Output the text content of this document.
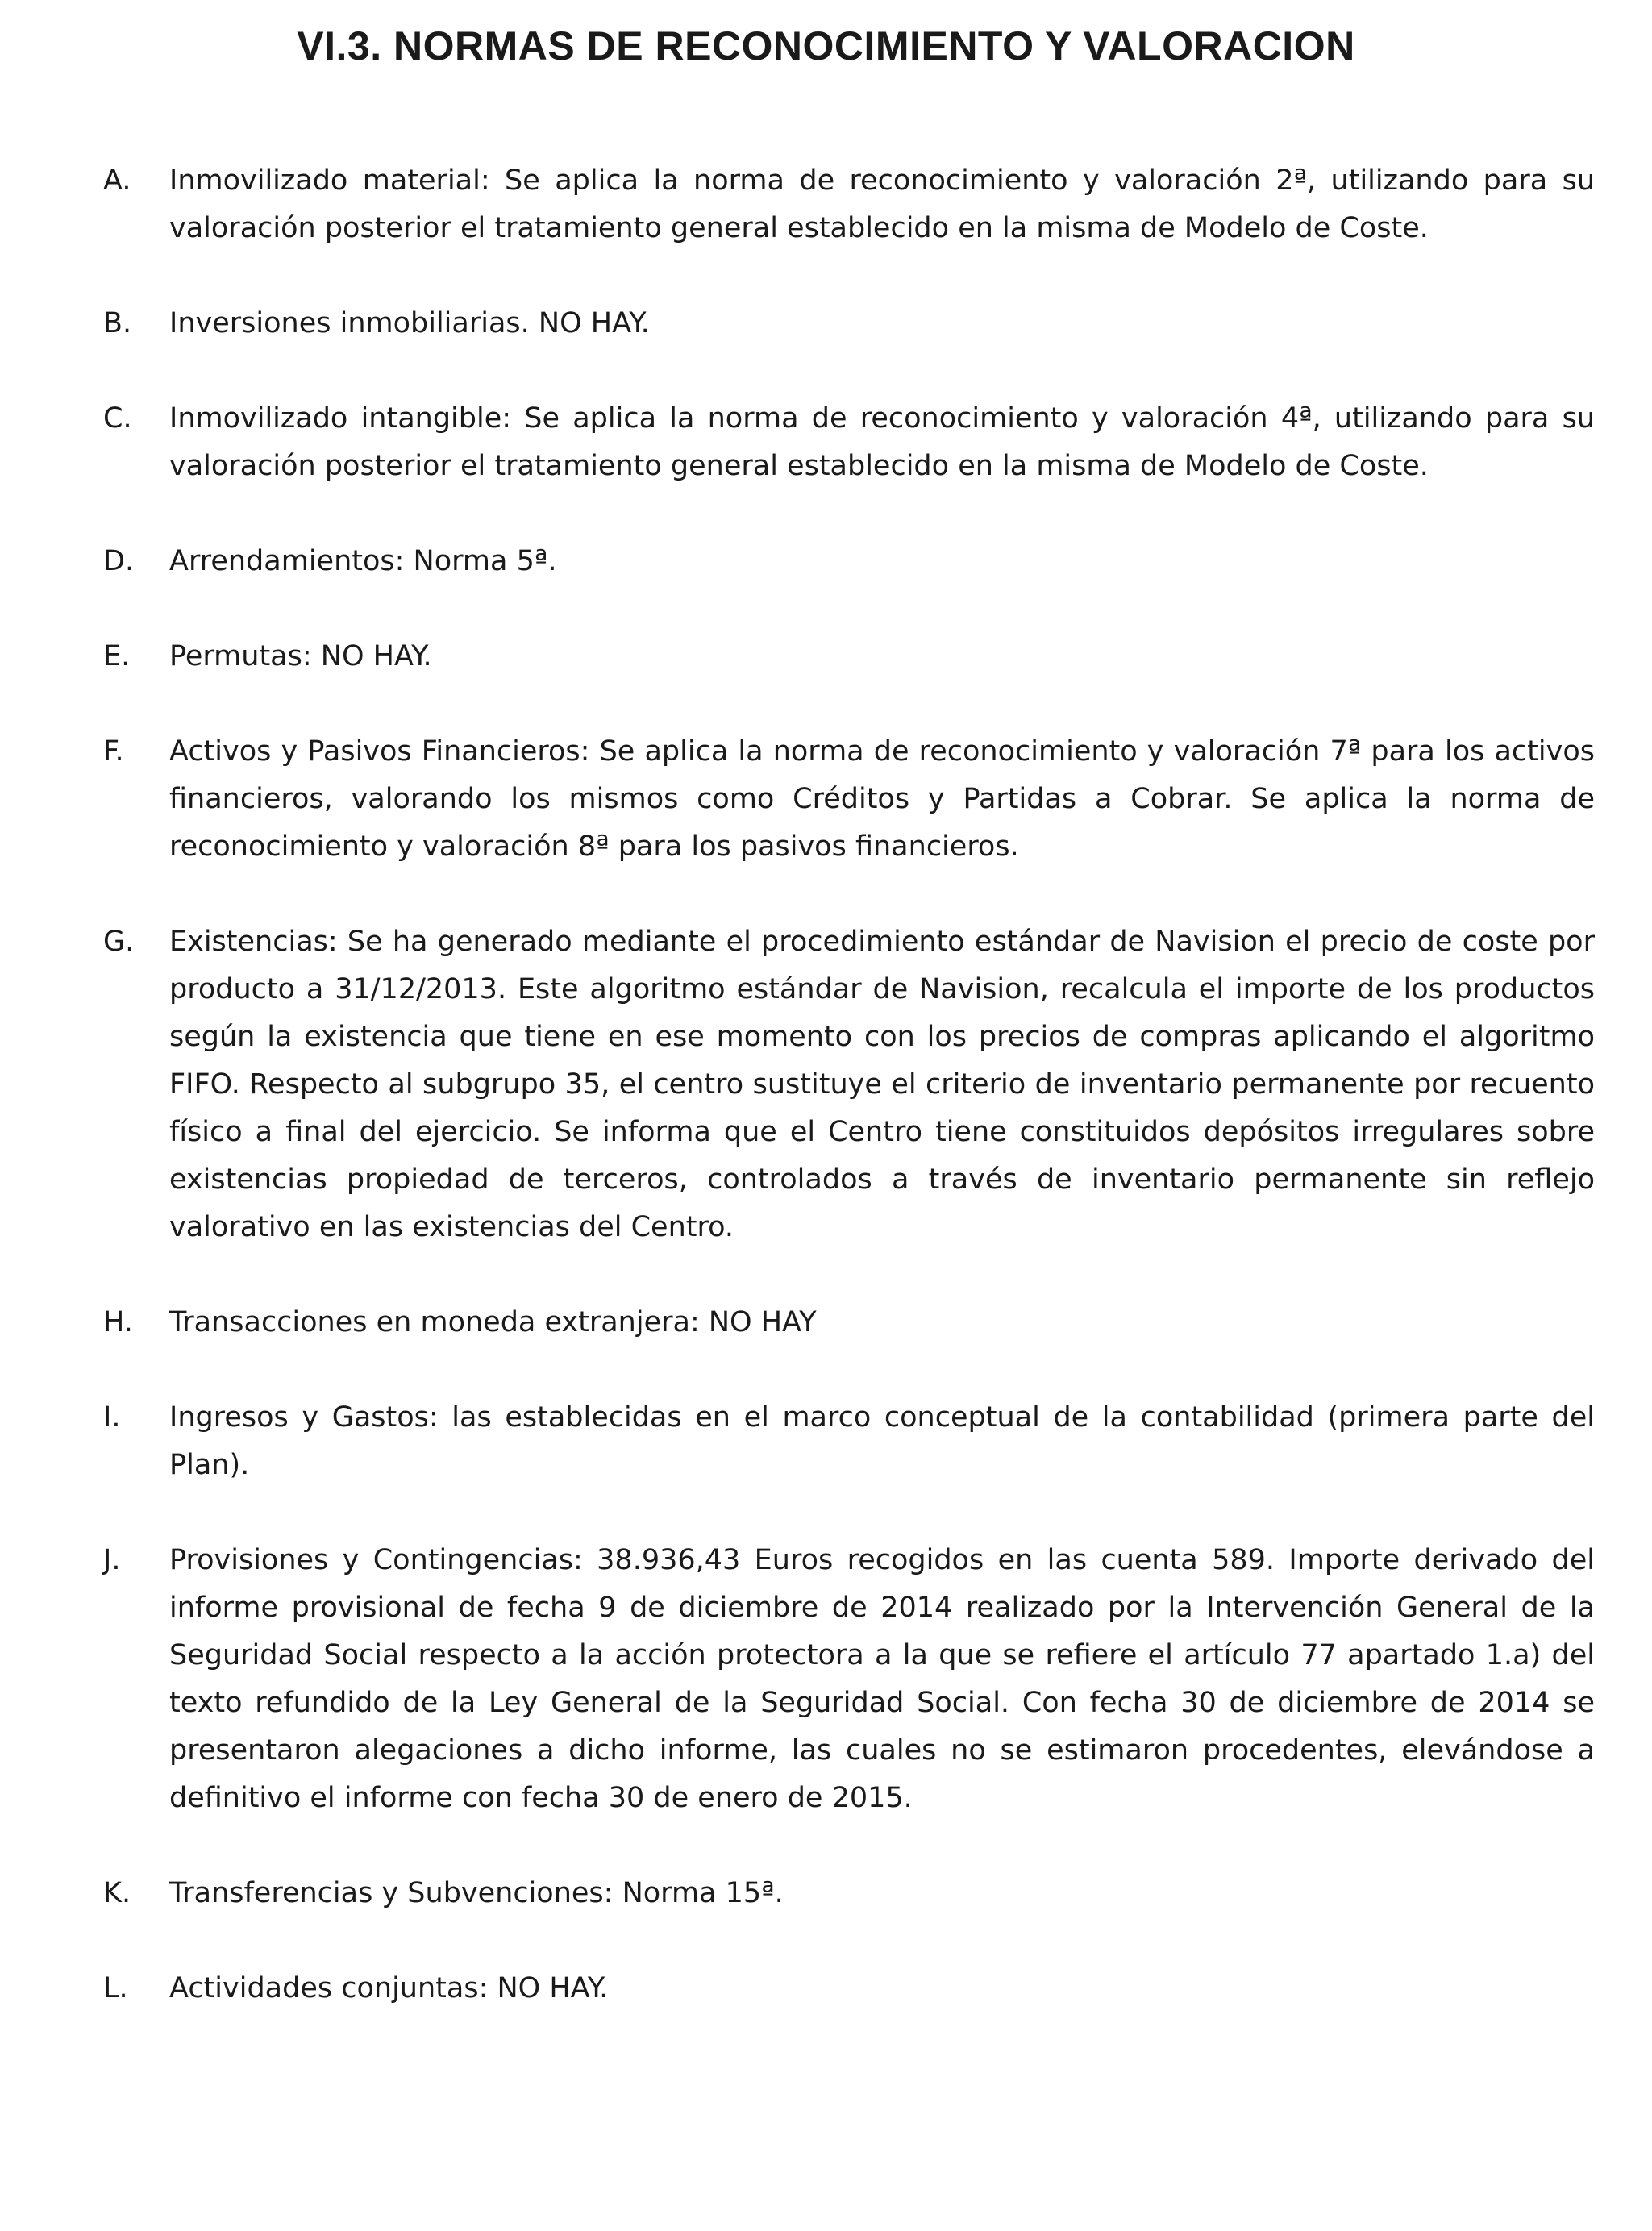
VI.3. NORMAS DE RECONOCIMIENTO Y VALORACION
A. Inmovilizado material: Se aplica la norma de reconocimiento y valoración 2ª, utilizando para su valoración posterior el tratamiento general establecido en la misma de Modelo de Coste.
B. Inversiones inmobiliarias. NO HAY.
C. Inmovilizado intangible: Se aplica la norma de reconocimiento y valoración 4ª, utilizando para su valoración posterior el tratamiento general establecido en la misma de Modelo de Coste.
D. Arrendamientos: Norma 5ª.
E. Permutas: NO HAY.
F. Activos y Pasivos Financieros: Se aplica la norma de reconocimiento y valoración 7ª para los activos financieros, valorando los mismos como Créditos y Partidas a Cobrar. Se aplica la norma de reconocimiento y valoración 8ª para los pasivos financieros.
G. Existencias: Se ha generado mediante el procedimiento estándar de Navision el precio de coste por producto a 31/12/2013. Este algoritmo estándar de Navision, recalcula el importe de los productos según la existencia que tiene en ese momento con los precios de compras aplicando el algoritmo FIFO. Respecto al subgrupo 35, el centro sustituye el criterio de inventario permanente por recuento físico a final del ejercicio. Se informa que el Centro tiene constituidos depósitos irregulares sobre existencias propiedad de terceros, controlados a través de inventario permanente sin reflejo valorativo en las existencias del Centro.
H. Transacciones en moneda extranjera: NO HAY
I. Ingresos y Gastos: las establecidas en el marco conceptual de la contabilidad (primera parte del Plan).
J. Provisiones y Contingencias: 38.936,43 Euros recogidos en las cuenta 589. Importe derivado del informe provisional de fecha 9 de diciembre de 2014 realizado por la Intervención General de la Seguridad Social respecto a la acción protectora a la que se refiere el artículo 77 apartado 1.a) del texto refundido de la Ley General de la Seguridad Social. Con fecha 30 de diciembre de 2014 se presentaron alegaciones a dicho informe, las cuales no se estimaron procedentes, elevándose a definitivo el informe con fecha 30 de enero de 2015.
K. Transferencias y Subvenciones: Norma 15ª.
L. Actividades conjuntas: NO HAY.
